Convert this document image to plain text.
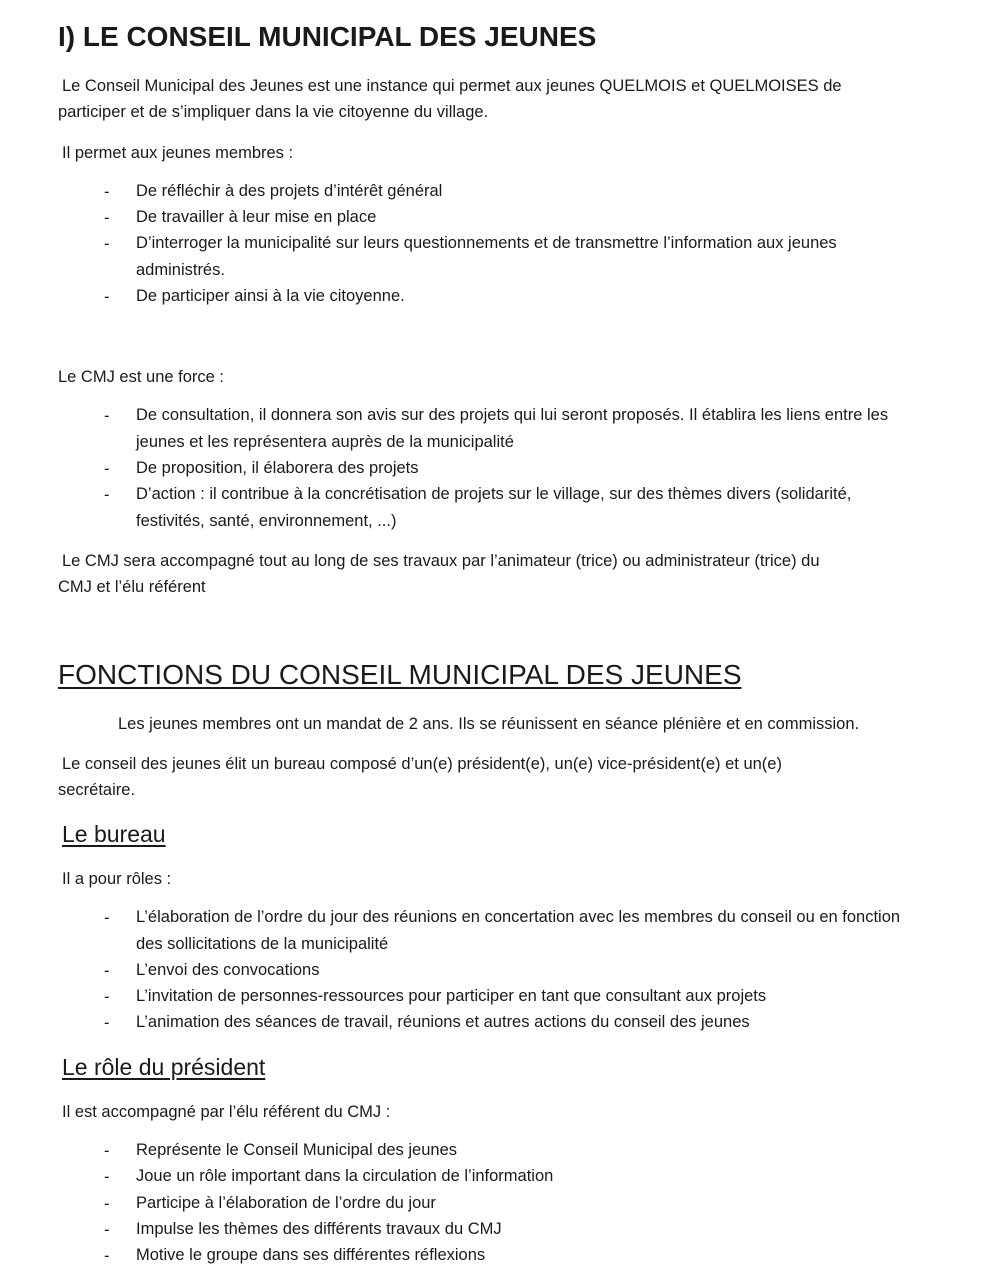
I) LE CONSEIL MUNICIPAL DES JEUNES
Le Conseil Municipal des Jeunes est une instance qui permet aux jeunes QUELMOIS et QUELMOISES de
participer et de s’impliquer dans la vie citoyenne du village.
Il permet aux jeunes membres :
- De réfléchir à des projets d’intérêt général
- De travailler à leur mise en place
- D’interroger la municipalité sur leurs questionnements et de transmettre l’information aux jeunes administrés.
- De participer ainsi à la vie citoyenne.
Le CMJ est une force :
- De consultation, il donnera son avis sur des projets qui lui seront proposés. Il établira les liens entre les jeunes et les représentera auprès de la municipalité
- De proposition, il élaborera des projets
- D’action : il contribue à la concrétisation de projets sur le village, sur des thèmes divers (solidarité, festivités, santé, environnement, ...)
Le CMJ sera accompagné tout au long de ses travaux par l’animateur (trice) ou administrateur (trice) du
CMJ et l’élu référent
FONCTIONS DU CONSEIL MUNICIPAL DES JEUNES
Les jeunes membres ont un mandat de 2 ans. Ils se réunissent en séance plénière et en commission.
Le conseil des jeunes élit un bureau composé d’un(e) président(e), un(e) vice-président(e) et un(e)
secrétaire.
Le bureau
Il a pour rôles :
- L’élaboration de l’ordre du jour des réunions en concertation avec les membres du conseil ou en fonction des sollicitations de la municipalité
- L’envoi des convocations
- L’invitation de personnes-ressources pour participer en tant que consultant aux projets
- L’animation des séances de travail, réunions et autres actions du conseil des jeunes
Le rôle du président
Il est accompagné par l’élu référent du CMJ :
- Représente le Conseil Municipal des jeunes
- Joue un rôle important dans la circulation de l’information
- Participe à l’élaboration de l’ordre du jour
- Impulse les thèmes des différents travaux du CMJ
- Motive le groupe dans ses différentes réflexions
